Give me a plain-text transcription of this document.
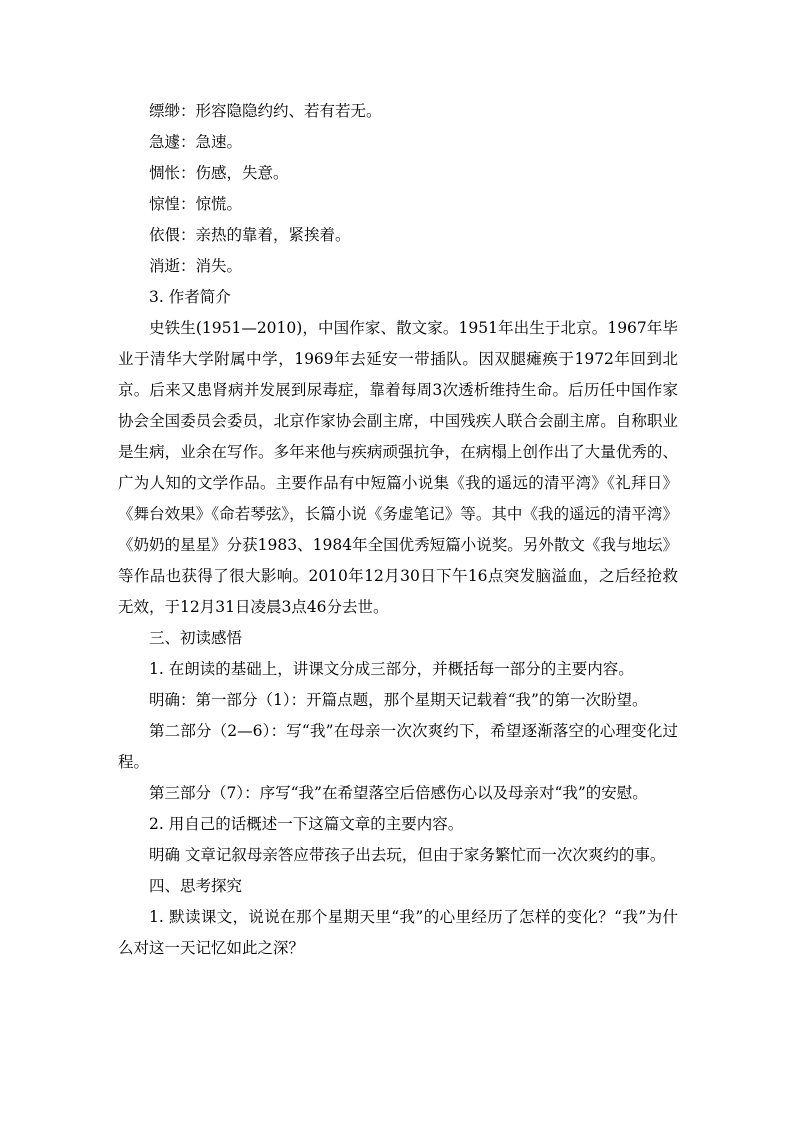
缥缈：形容隐隐约约、若有若无。

急遽：急速。

惆怅：伤感，失意。

惊惶：惊慌。

依偎：亲热的靠着，紧挨着。

消逝：消失。

3. 作者简介

史铁生(1951—2010)，中国作家、散文家。1951年出生于北京。1967年毕业于清华大学附属中学，1969年去延安一带插队。因双腿瘫痪于1972年回到北京。后来又患肾病并发展到尿毒症，靠着每周3次透析维持生命。后历任中国作家协会全国委员会委员，北京作家协会副主席，中国残疾人联合会副主席。自称职业是生病，业余在写作。多年来他与疾病顽强抗争，在病榻上创作出了大量优秀的、广为人知的文学作品。主要作品有中短篇小说集《我的遥远的清平湾》《礼拜日》《舞台效果》《命若琴弦》，长篇小说《务虚笔记》等。其中《我的遥远的清平湾》《奶奶的星星》分获1983、1984年全国优秀短篇小说奖。另外散文《我与地坛》等作品也获得了很大影响。2010年12月30日下午16点突发脑溢血，之后经抢救无效，于12月31日凌晨3点46分去世。

三、初读感悟

1. 在朗读的基础上，讲课文分成三部分，并概括每一部分的主要内容。

明确：第一部分（1）：开篇点题，那个星期天记载着“我”的第一次盼望。

第二部分（2—6）：写“我”在母亲一次次爽约下，希望逐渐落空的心理变化过程。

第三部分（7）：序写“我”在希望落空后倍感伤心以及母亲对“我”的安慰。

2. 用自己的话概述一下这篇文章的主要内容。

明确 文章记叙母亲答应带孩子出去玩，但由于家务繁忙而一次次爽约的事。

四、思考探究

1. 默读课文，说说在那个星期天里“我”的心里经历了怎样的变化？“我”为什么对这一天记忆如此之深？
